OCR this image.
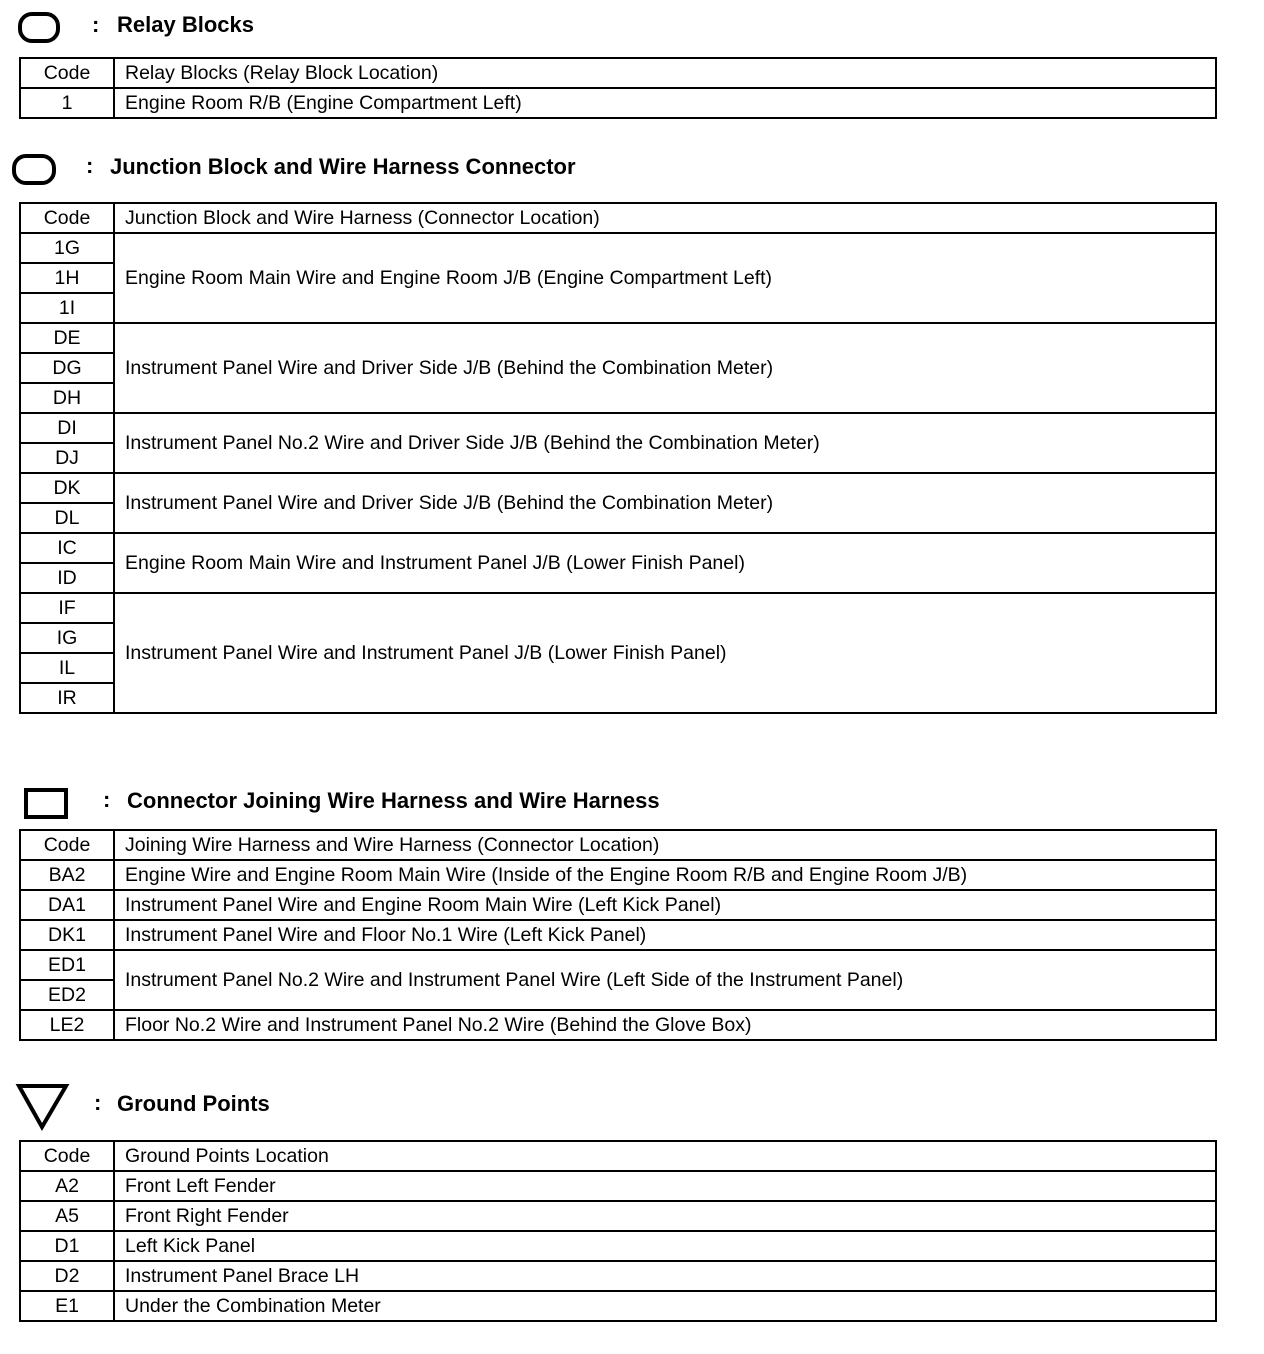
: Relay Blocks
Code	Relay Blocks (Relay Block Location)
1	Engine Room R/B (Engine Compartment Left)
: Junction Block and Wire Harness Connector
Code	Junction Block and Wire Harness (Connector Location)
1G	Engine Room Main Wire and Engine Room J/B (Engine Compartment Left)
1H	
1I	
DE	Instrument Panel Wire and Driver Side J/B (Behind the Combination Meter)
DG	
DH	
DI	Instrument Panel No.2 Wire and Driver Side J/B (Behind the Combination Meter)
DJ	
DK	Instrument Panel Wire and Driver Side J/B (Behind the Combination Meter)
DL	
IC	Engine Room Main Wire and Instrument Panel J/B (Lower Finish Panel)
ID	
IF	Instrument Panel Wire and Instrument Panel J/B (Lower Finish Panel)
IG	
IL	
IR	
: Connector Joining Wire Harness and Wire Harness
Code	Joining Wire Harness and Wire Harness (Connector Location)
BA2	Engine Wire and Engine Room Main Wire (Inside of the Engine Room R/B and Engine Room J/B)
DA1	Instrument Panel Wire and Engine Room Main Wire (Left Kick Panel)
DK1	Instrument Panel Wire and Floor No.1 Wire (Left Kick Panel)
ED1	Instrument Panel No.2 Wire and Instrument Panel Wire (Left Side of the Instrument Panel)
ED2	
LE2	Floor No.2 Wire and Instrument Panel No.2 Wire (Behind the Glove Box)
: Ground Points
Code	Ground Points Location
A2	Front Left Fender
A5	Front Right Fender
D1	Left Kick Panel
D2	Instrument Panel Brace LH
E1	Under the Combination Meter
